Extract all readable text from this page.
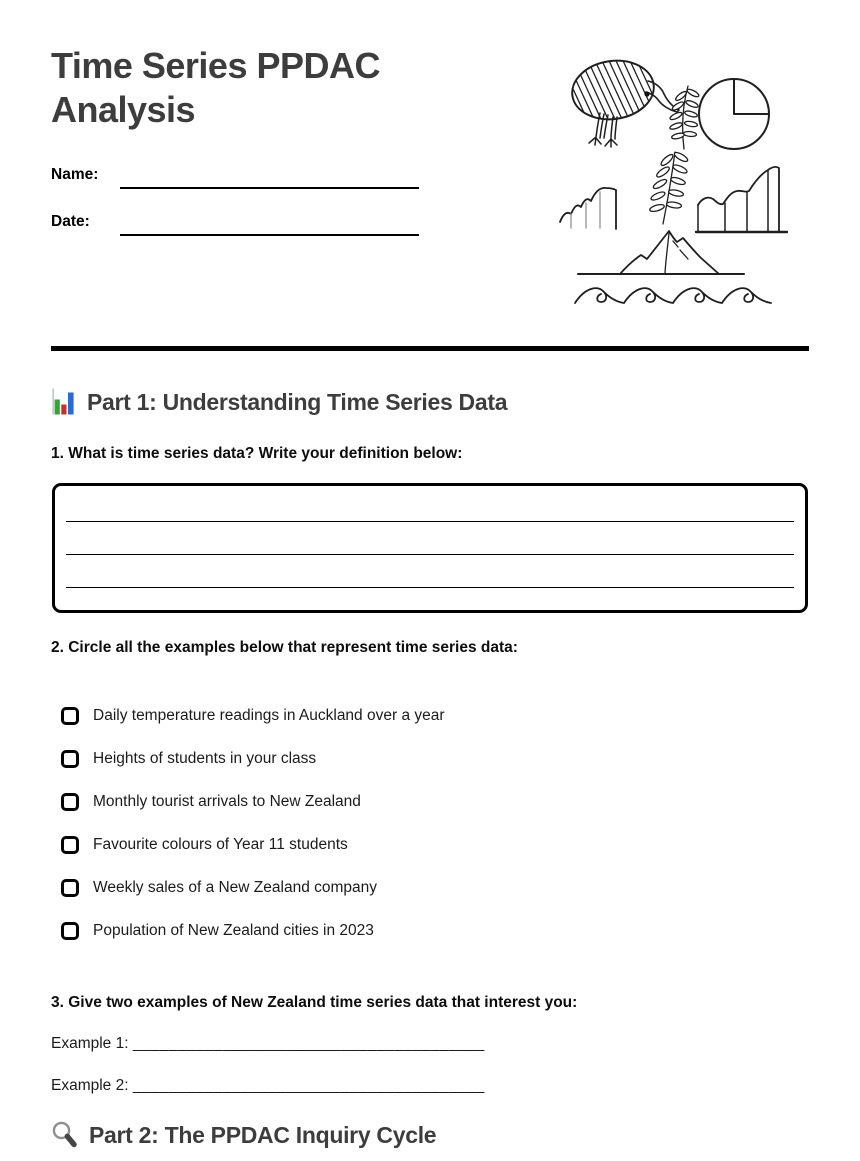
Time Series PPDAC Analysis
Name:
Date:
Part 1: Understanding Time Series Data
1. What is time series data? Write your definition below:
2. Circle all the examples below that represent time series data:
Daily temperature readings in Auckland over a year
Heights of students in your class
Monthly tourist arrivals to New Zealand
Favourite colours of Year 11 students
Weekly sales of a New Zealand company
Population of New Zealand cities in 2023
3. Give two examples of New Zealand time series data that interest you:
Example 1: _______________________________________
Example 2: _______________________________________
Part 2: The PPDAC Inquiry Cycle
